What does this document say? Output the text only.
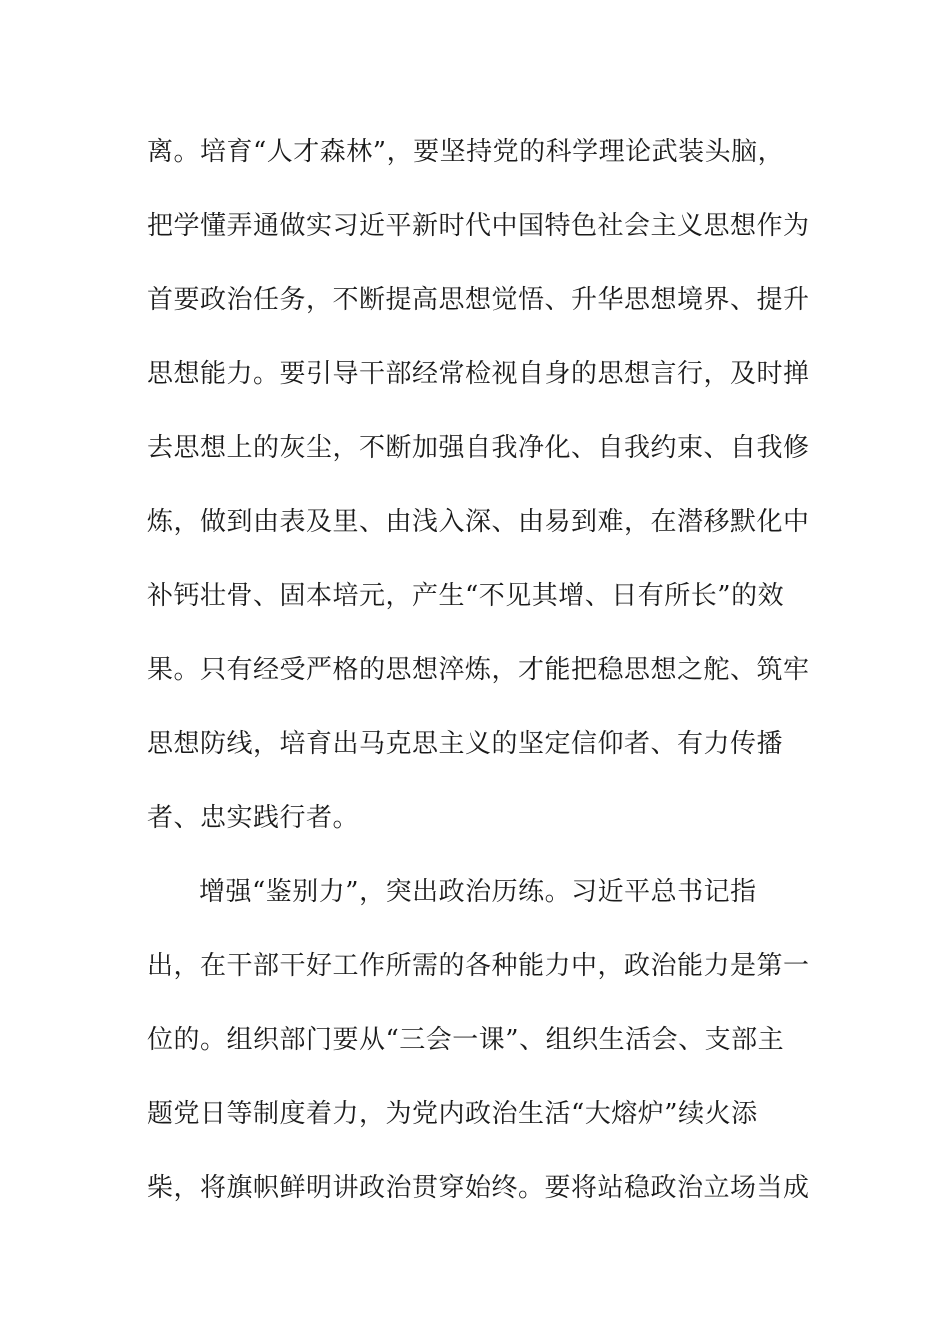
离。培育“人才森林”，要坚持党的科学理论武装头脑，
把学懂弄通做实习近平新时代中国特色社会主义思想作为
首要政治任务，不断提高思想觉悟、升华思想境界、提升
思想能力。要引导干部经常检视自身的思想言行，及时掸
去思想上的灰尘，不断加强自我净化、自我约束、自我修
炼，做到由表及里、由浅入深、由易到难，在潜移默化中
补钙壮骨、固本培元，产生“不见其增、日有所长”的效
果。只有经受严格的思想淬炼，才能把稳思想之舵、筑牢
思想防线，培育出马克思主义的坚定信仰者、有力传播
者、忠实践行者。
增强“鉴别力”，突出政治历练。习近平总书记指
出，在干部干好工作所需的各种能力中，政治能力是第一
位的。组织部门要从“三会一课”、组织生活会、支部主
题党日等制度着力，为党内政治生活“大熔炉”续火添
柴，将旗帜鲜明讲政治贯穿始终。要将站稳政治立场当成
